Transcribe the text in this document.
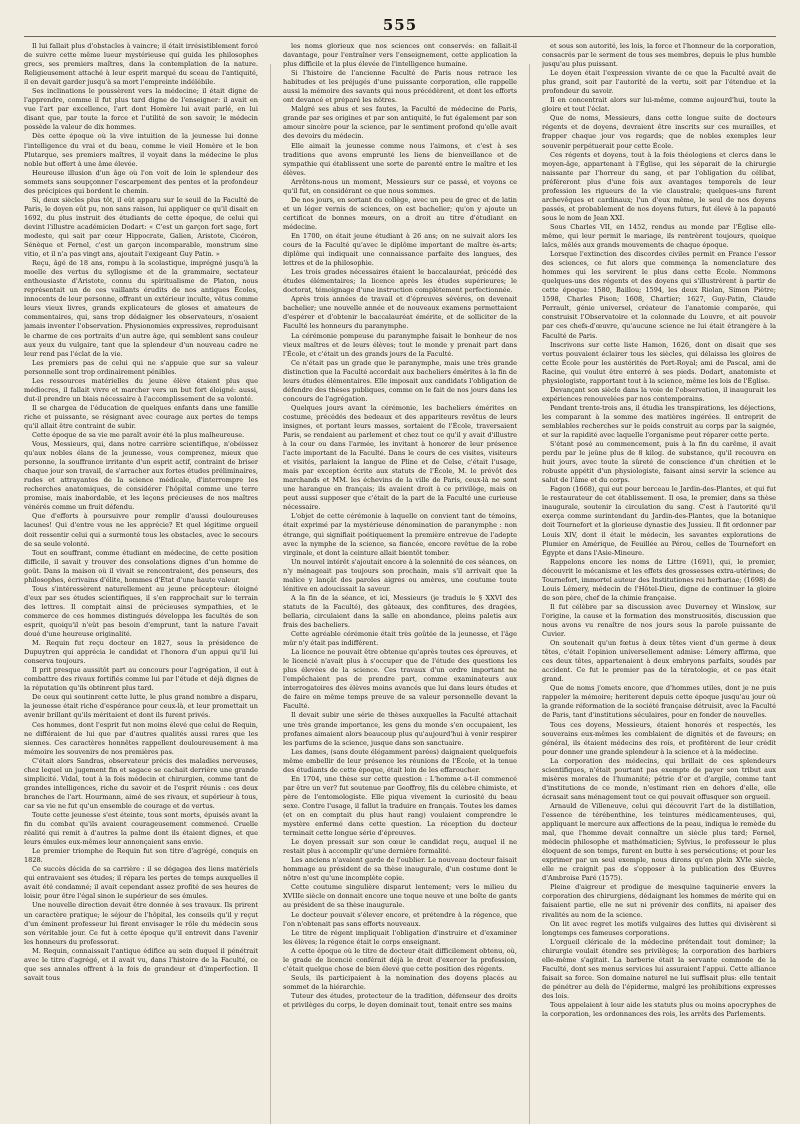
555

Il lui fallait plus d'obstacles à vaincre; il était irrésistiblement forcé de suivre cette même lueur mystérieuse qui guida les philosophes grecs, ses premiers maîtres, dans la contemplation de la nature. Religieusement attaché à leur esprit marqué du sceau de l'antiquité, il en devait garder jusqu'à sa mort l'empreinte indélébile.

Ses inclinations le poussèrent vers la médecine; il était digne de l'apprendre, comme il fut plus tard digne de l'enseigner: il avait en vue l'art par excellence, l'art dont Homère lui avait parlé, en lui disant que, par toute la force et l'utilité de son savoir, le médecin possède la valeur de dix hommes.

Dès cette époque où la vive intuition de la jeunesse lui donne l'intelligence du vrai et du beau, comme le vieil Homère et le bon Plutarque, ses premiers maîtres, il voyait dans la médecine le plus noble but offert à une âme élevée.

Heureuse illusion d'un âge où l'on voit de loin le splendeur des sommets sans soupçonner l'escarpement des pentes et la profondeur des précipices qui bordent le chemin.

Si, deux siècles plus tôt, il eût apparu sur le seuil de la Faculté de Paris, le doyen eût pu, non sans raison, lui appliquer ce qu'il disait en 1692, du plus instruit des étudiants de cette époque, de celui qui devint l'illustre académicien Dodart: « C'est un garçon fort sage, fort modeste, qui sait par cœur Hippocrate, Galien, Aristote, Cicéron, Sénèque et Fernel, c'est un garçon incomparable, monstrum sine vitio, et il n'a pas vingt ans, ajoutait l'exigeant Guy Patin. »

Reçu, âgé de 18 ans, rompu à la scolastique, imprégné jusqu'à la moelle des vertus du syllogisme et de la grammaire, sectateur enthousiaste d'Aristote, connu du spiritualisme de Platon, nous représentait un de ces vaillants érudits de nos antiques Écoles, innocents de leur personne, offrant un extérieur inculte, vêtus comme leurs vieux livres, grands explicateurs de gloses et amateurs de commentaires, qui, sans trop dédaigner les observateurs, n'osaient jamais inventer l'observation. Physionomies expressives, reproduisant le charme de ces portraits d'un autre âge, qui semblent sans couleur aux yeux du vulgaire, tant que la splendeur d'un nouveau cadre ne leur rend pas l'éclat de la vie.

Les premiers pas de celui qui ne s'appuie que sur sa valeur personnelle sont trop ordinairement pénibles.

Les ressources matérielles du jeune élève étaient plus que médiocres, il fallait vivre et marcher vers un but fort éloigné: aussi, dut-il prendre un biais nécessaire à l'accomplissement de sa volonté.

Il se chargea de l'éducation de quelques enfants dans une famille riche et puissante, se résignant avec courage aux pertes de temps qu'il allait être contraint de subir.

Cette époque de sa vie me paraît avoir été la plus malheureuse.

Vous, Messieurs, qui, dans notre carrière scientifique, n'obéissez qu'aux nobles élans de la jeunesse, vous comprenez, mieux que personne, la souffrance irritante d'un esprit actif, contraint de briser chaque jour son travail, de s'arracher aux fortes études préliminaires, rudes et attrayantes de la science médicale, d'interrompre les recherches anatomiques, de considérer l'hôpital comme une terre promise, mais inabordable, et les leçons précieuses de nos maîtres vénérés comme un fruit défendu.

Que d'efforts à poursuivre pour remplir d'aussi douloureuses lacunes! Qui d'entre vous ne les apprécie? Et quel légitime orgueil doit ressentir celui qui a surmonté tous les obstacles, avec le secours de sa seule volonté.

Tout en souffrant, comme étudiant en médecine, de cette position difficile, il savait y trouver des consolations dignes d'un homme de goût. Dans la maison où il vivait se rencontraient, des penseurs, des philosophes, écrivains d'élite, hommes d'État d'une haute valeur.

Tous s'intéressèrent naturellement au jeune précepteur: éloigné d'eux par ses études scientifiques, il s'en rapprochait sur le terrain des lettres. Il comptait ainsi de précieuses sympathies, et le commerce de ces hommes distingués développa les facultés de son esprit, quoiqu'il n'eût pas besoin d'emprunt, tant la nature l'avait doué d'une heureuse originalité.

M. Requin fut reçu docteur en 1827, sous la présidence de Dupuytren qui apprécia le candidat et l'honora d'un appui qu'il lui conserva toujours.

Il prit presque aussitôt part au concours pour l'agrégation, il eut à combattre des rivaux fortifiés comme lui par l'étude et déjà dignes de la réputation qu'ils obtinrent plus tard.

De ceux qui soutinrent cette lutte, le plus grand nombre a disparu, la jeunesse était riche d'espérance pour ceux-là, et leur promettait un avenir brillant qu'ils méritaient et dont ils furent privés.

Ces hommes, dont l'esprit fut non moins élevé que celui de Requin, ne différaient de lui que par d'autres qualités aussi rares que les siennes. Ces caractères honnêtes rappellent douloureusement à ma mémoire les souvenirs de nos premières pas.

C'était alors Sandras, observateur précis des maladies nerveuses, chez lequel un jugement fin et sagace se cachait derrière une grande simplicité. Vidal, tout à la fois médecin et chirurgien, comme tant de grandes intelligences, riche du savoir et de l'esprit réunis : ces deux branches de l'art. Hourmann, aimé de ses rivaux, et supérieur à tous, car sa vie ne fut qu'un ensemble de courage et de vertus.

Toute cette jeunesse s'est éteinte, tous sont morts, épuisés avant la fin du combat qu'ils avaient courageusement commencé. Cruelle réalité qui remit à d'autres la palme dont ils étaient dignes, et que leurs émules eux-mêmes leur annonçaient sans envie.

Le premier triomphe de Requin fut son titre d'agrégé, conquis en 1828.

Ce succès décida de sa carrière : il se dégagea des liens matériels qui entravaient ses études; il répara les pertes de temps auxquelles il avait été condamné; il avait cependant assez profité de ses heures de loisir, pour être l'égal sinon le supérieur de ses émules.

Une nouvelle direction devait être donnée à ses travaux. Ils prirent un caractère pratique; le séjour de l'hôpital, les conseils qu'il y reçut d'un éminent professeur lui firent envisager le rôle du médecin sous son véritable jour. Ce fut à cette époque qu'il entrevit dans l'avenir les honneurs du professorat.

M. Requin, connaissait l'antique édifice au sein duquel il pénétrait avec le titre d'agrégé, et il avait vu, dans l'histoire de la Faculté, ce que ses annales offrent à la fois de grandeur et d'imperfection. Il savait tous

les noms glorieux que nos sciences ont conservés: en fallait-il davantage, pour l'entraîner vers l'enseignement, cette application la plus difficile et la plus élevée de l'intelligence humaine.

Si l'histoire de l'ancienne Faculté de Paris nous retrace les habitudes et les préjugés d'une puissante corporation, elle rappelle aussi la mémoire des savants qui nous précédèrent, et dont les efforts ont devancé et préparé les nôtres.

Malgré ses abus et ses fautes, la Faculté de médecine de Paris, grande par ses origines et par son antiquité, le fut également par son amour sincère pour la science, par le sentiment profond qu'elle avait des devoirs du médecin.

Elle aimait la jeunesse comme nous l'aimons, et c'est à ses traditions que avons emprunté les liens de bienveillance et de sympathie qui établissent une sorte de parenté entre le maître et les élèves.

Arrêtons-nous un moment, Messieurs sur ce passé, et voyons ce qu'il fut, en considérant ce que nous sommes.

De nos jours, en sortant du collège, avec un peu de grec et de latin et un léger vernis de sciences, on est bachelier; qu'on y ajoute un certificat de bonnes mœurs, on a droit au titre d'étudiant en médecine.

En 1700, on était jeune étudiant à 26 ans; on ne suivait alors les cours de la Faculté qu'avec le diplôme important de maître ès-arts; diplôme qui indiquait une connaissance parfaite des langues, des lettres et de la philosophie.

Les trois grades nécessaires étaient le baccalauréat, précédé des études élémentaires; la licence après les études supérieures; le doctorat, témoignage d'une instruction complètement perfectionnée.

Après trois années de travail et d'épreuves sévères, on devenait bachelier; une nouvelle année et de nouveaux examens permettaient d'espérer et d'obtenir le baccalauréat émérite, et de solliciter de la Faculté les honneurs du paranymphe.

La cérémonie pompeuse du paranymphe faisait le bonheur de nos vieux maîtres et de leurs élèves; tout le monde y prenait part dans l'École, et c'était un des grands jours de la Faculté.

Ce n'était pas un grade que le paranymphe, mais une très grande distinction que la Faculté accordait aux bacheliers émérites à la fin de leurs études élémentaires. Elle imposait aux candidats l'obligation de défendre des thèses publiques, comme on le fait de nos jours dans les concours de l'agrégation.

Quelques jours avant la cérémonie, les bacheliers émérites en costume, précédés des bedeaux et des appariteurs revêtus de leurs insignes, et portant leurs masses, sortaient de l'École, traversaient Paris, se rendaient au parlement et chez tout ce qu'il y avait d'illustre à la cour ou dans l'armée, les invitant à honorer de leur présence l'acte important de la Faculté. Dans le cours de ces visites, visiteurs et visités, parlaient la langue de Pline et de Celse, c'était l'usage, mais par exception écrite aux statuts de l'École, M. le prévôt des marchands et MM. les échevins de la ville de Paris, ceux-là ne sont une harangue en français; ils avaient droit à ce privilège, mais on peut aussi supposer que c'était de la part de la Faculté une curieuse nécessaire.

L'objet de cette cérémonie à laquelle on convient tant de témoins, était exprimé par la mystérieuse dénomination de paranymphe : non étrange, qui signifiait poétiquement la première entrevue de l'adepte avec la nymphe de la science, sa fiancée, encore revêtue de la robe virginale, et dont la ceinture allait bientôt tomber.

Un nouvel intérêt s'ajoutait encore à la solennité de ces séances, on n'y ménageait pas toujours son prochain, mais s'il arrivait que la malice y lançât des paroles aigres ou amères, une coutume toute lénitive en adoucissait la saveur.

A la fin de la séance, et ici, Messieurs (je traduis le § XXVI des statuts de la Faculté), des gâteaux, des confitures, des dragées, bellaria, circulaient dans la salle en abondance, pleins paletis aux frais des bacheliers.

Cette agréable cérémonie était très goûtée de la jeunesse, et l'âge mûr n'y était pas indifférent.

La licence ne pouvait être obtenue qu'après toutes ces épreuves, et le licencié n'avait plus à s'occuper que de l'étude des questions les plus élevées de la science. Ces travaux d'un ordre important ne l'empêchaient pas de prendre part, comme examinateurs aux interrogatoires des élèves moins avancés que lui dans leurs études et de faire en même temps preuve de sa valeur personnelle devant la Faculté.

Il devait subir une série de thèses auxquelles la Faculté attachait une très grande importance, les gens du monde s'en occupaient, les profanes aimaient alors beaucoup plus qu'aujourd'hui à venir respirer les parfums de la science, jusque dans son sanctuaire.

Les dames, (sans doute élégamment parées) daignaient quelquefois même embellir de leur présence les réunions de l'École, et la tenue des étudiants de cette époque, était loin de les effaroucher.

En 1704, une thèse sur cette question : L'homme a-t-il commencé par être un ver? fut soutenue par Geoffroy, fils du célèbre chimiste, et père de l'entomologiste. Elle piqua vivement la curiosité du beau sexe. Contre l'usage, il fallut la traduire en français. Toutes les dames (et on en comptait du plus haut rang) voulaient comprendre le mystère enfermé dans cette question. La réception du docteur terminait cette longue série d'épreuves.

Le doyen pressait sur son cœur le candidat reçu, auquel il ne restait plus à accomplir qu'une dernière formalité.

Les anciens n'avaient garde de l'oublier. Le nouveau docteur faisait hommage au président de sa thèse inaugurale, d'un costume dont le nôtre n'est qu'une incomplète copie.

Cette coutume singulière disparut lentement; vers le milieu du XVIIIe siècle on donnait encore une toque neuve et une boîte de gants au président de sa thèse inaugurale.

Le docteur pouvait s'élever encore, et prétendre à la régence, que l'on n'obtenait pas sans efforts nouveaux.

Le titre de régent impliquait l'obligation d'instruire et d'examiner les élèves; la régence était le corps enseignant.

A cette époque où le titre de docteur était difficilement obtenu, où, le grade de licencié conférait déjà le droit d'exercer la profession, c'était quelque chose de bien élevé que cette position des régents.

Seuls, ils participaient à la nomination des doyens placés au sommet de la hiérarchie.

Tuteur des études, protecteur de la tradition, défenseur des droits et privilèges du corps, le doyen dominait tout, tenait entre ses mains

et sous son autorité, les lois, la force et l'honneur de la corporation, consacrés par le serment de tous ses membres, depuis le plus humble jusqu'au plus puissant.

Le doyen était l'expression vivante de ce que la Faculté avait de plus grand, soit par l'autorité de la vertu, soit par l'étendue et la profondeur du savoir.

Il en concentrait alors sur lui-même, comme aujourd'hui, toute la gloire et tout l'éclat.

Que de noms, Messieurs, dans cette longue suite de docteurs régents et de doyens, devraient être inscrits sur ces murailles, et frapper chaque jour vos regards; que de nobles exemples leur souvenir perpétuerait pour cette École.

Ces régents et doyens, tout à la fois théologiens et clercs dans le moyen-âge, appartenant à l'Église, qui les séparait de la chirurgie naissante par l'horreur du sang, et par l'obligation du célibat, préféreront plus d'une fois aux avantages temporels de leur profession les rigueurs de la vie claustrale; quelques-uns furent archevêques et cardinaux; l'un d'eux même, le seul de nos doyens passés, et probablement de nos doyens futurs, fut élevé à la papauté sous le nom de Jean XXI.

Sous Charles VII, en 1452, rendus au monde par l'Église elle-même, qui leur permit le mariage, ils rentrèrent toujours, quoique laïcs, mêlés aux grands mouvements de chaque époque.

Lorsque l'extinction des discordes civiles permit en France l'essor des sciences, ce fut alors que commença la nomenclature des hommes qui les servirent le plus dans cette École. Nommons quelques-uns des régents et des doyens qui s'illustrèrent à partir de cette époque: 1580, Baillou; 1594, les deux Riolan, Simon Piètre; 1598, Charles Pison; 1608, Chartier; 1627, Guy-Patin, Claude Perrault, génie universel, créateur de l'anatomie comparée, qui construisit l'Observatoire et la colonnade du Louvre, et ait pouvoir par ces chefs-d'œuvre, qu'aucune science ne lui était étrangère à la Faculté de Paris.

Inscrivons sur cette liste Hamon, 1626, dont on disait que ses vertus pouvaient éclairer tous les siècles, qui délaissa les gloires de cette École pour les austérités de Port-Royal; ami de Pascal, ami de Racine, qui voulut être enterré à ses pieds. Dodart, anatomiste et physiologiste, rapportant tout à la science, même les lois de l'Église.

Devançant son siècle dans la voie de l'observation, il inaugurait les expériences renouvelées par nos contemporains.

Pendant trente-trois ans, il étudia les transpirations, les déjections, les comparant à la somme des matières ingérées. Il entreprit de semblables recherches sur le poids construit au corps par la saignée, et sur la rapidité avec laquelle l'organisme peut réparer cette perte.

S'étant posé au commencement, puis à la fin du carême, il avait perdu par le jeûne plus de 8 kilog. de substance, qu'il recouvra en huit jours, avec toute la sûreté de conscience d'un chrétien et le robuste appétit d'un physiologiste, faisant ainsi servir la science au salut de l'âme et du corps.

Fagon (1668), qui eut pour berceau le Jardin-des-Plantes, et qui fut le restaurateur de cet établissement. Il osa, le premier, dans sa thèse inaugurale, soutenir la circulation du sang. C'est à l'autorité qu'il exerça comme surintendant du Jardin-des-Plantes, que la botanique doit Tournefort et la glorieuse dynastie des Jussieu. Il fit ordonner par Louis XIV, dont il était le médecin, les savantes explorations de Plumier en Amérique, de Feuillée au Pérou, celles de Tournefort en Égypte et dans l'Asie-Mineure.

Rappelons encore les noms de Littre (1691), qui, le premier, découvrit le mécanisme et les effets des grossesses extra-utérines; de Tournefort, immortel auteur des Institutiones rei herbariae; (1698) de Louis Lémery, médecin de l'Hôtel-Dieu, digne de continuer la gloire de son père, chef de la chimie française.

Il fut célèbre par sa discussion avec Duverney et Winslow, sur l'origine, la cause et la formation des monstruosités, discussion que nous avons vu renaître de nos jours sous la parole puissante de Cuvier.

On soutenait qu'un fœtus à deux têtes vient d'un germe à deux têtes, c'était l'opinion universellement admise: Lémery affirma, que ces deux têtes, appartenaient à deux embryons parfaits, soudés par accident. Ce fut le premier pas de la tératologie, et ce pas était grand.

Que de noms j'omets encore, que d'hommes utiles, dont je ne puis rappeler la mémoire; heriterent depuis cette époque jusqu'au jour où la grande réformation de la société française détruisit, avec la Faculté de Paris, tant d'institutions séculaires, pour en fonder de nouvelles.

Tous ces doyens, Messieurs, étaient honorés et respectés, les souverains eux-mêmes les comblaient de dignités et de faveurs; en général, ils étaient médecins des rois, et profitèrent de leur crédit pour donner une grande splendeur à la science et à la médecine.

La corporation des médecins, qui brillait de ces splendeurs scientifiques, n'était pourtant pas exempte de payer son tribut aux misères morales de l'humanité; pétrie d'or et d'argile, comme tant d'institutions de ce monde, n'estimant rien en dehors d'elle, elle écrasait sans ménagement tout ce qui pouvait offusquer son orgueil.

Arnauld de Villeneuve, celui qui découvrit l'art de la distillation, l'essence de térébenthine, les teintures médicamenteuses, qui, appliquant le mercure aux affections de la peau, indiqua le remède du mal, que l'homme devait connaître un siècle plus tard; Fernel, médecin philosophe et mathématicien; Sylvius, le professeur le plus éloquent de son temps, furent en butte à ses persécutions; et pour les exprimer par un seul exemple, nous dirons qu'en plein XVIe siècle, elle ne craignit pas de s'opposer à la publication des Œuvres d'Ambroise Paré (1575).

Pleine d'aigreur et prodigue de mesquine taquinerie envers la corporation des chirurgiens, dédaignant les hommes de mérite qui en faisaient partie, elle ne sut ni prévenir des conflits, ni apaiser des rivalités au nom de la science.

On lit avec regret les motifs vulgaires des luttes qui divisèrent si longtemps ces fameuses corporations.

L'orgueil cléricale de la médecine prétendait tout dominer; la chirurgie voulait étendre ses privilèges; la corporation des barbiers elle-même s'agitait. La barberie était la servante commode de la Faculté, dont ses menus services lui assuraient l'appui. Cette alliance faisait sa force. Son domaine naturel ne lui suffisait plus: elle tentait de pénétrer au delà de l'épiderme, malgré les prohibitions expresses des lois.

Tous appelaient à leur aide les statuts plus ou moins apocryphes de la corporation, les ordonnances des rois, les arrêts des Parlements.
